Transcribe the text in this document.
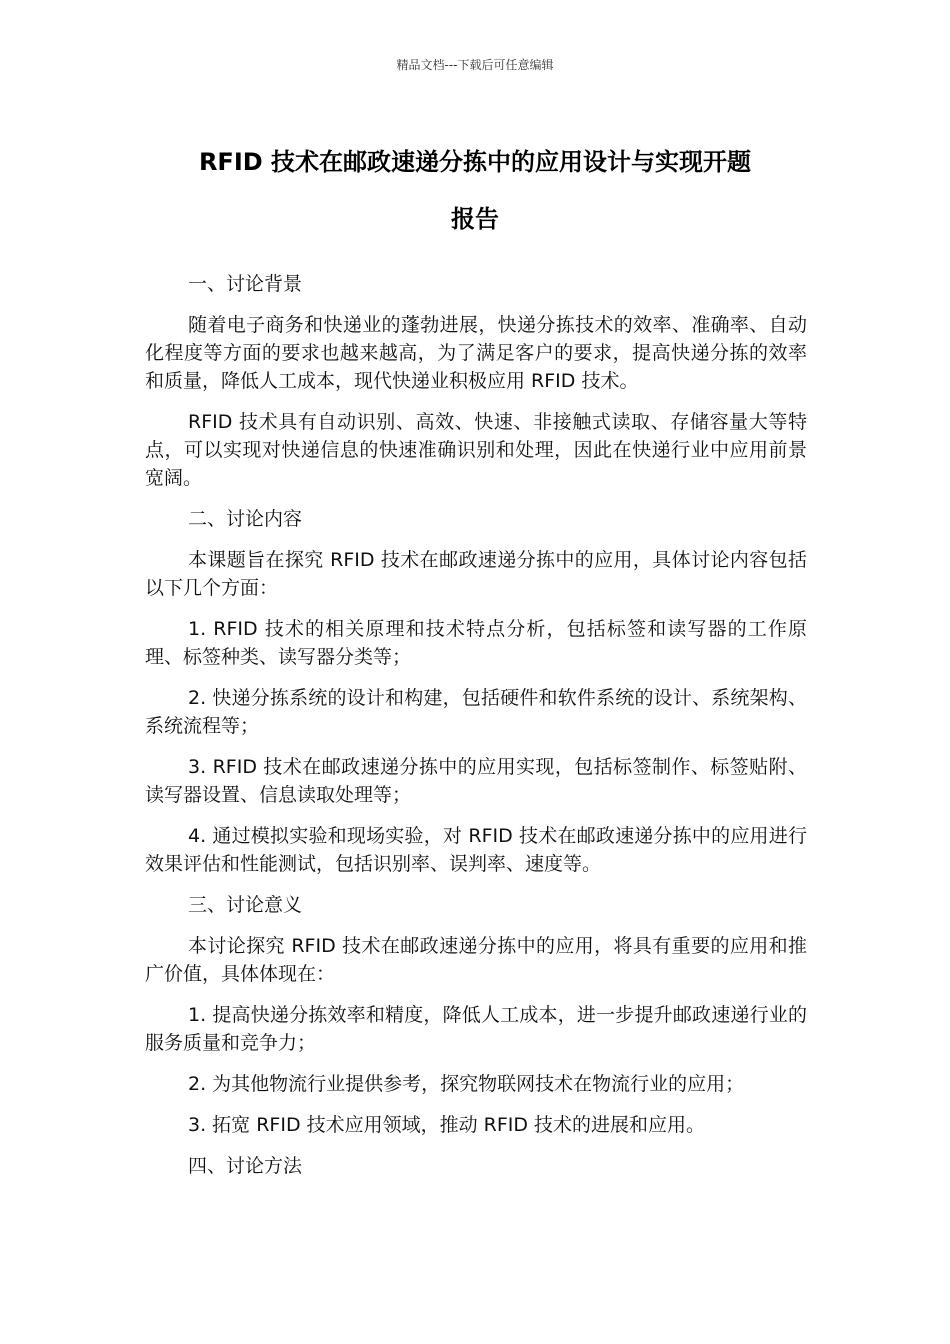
精品文档---下载后可任意编辑
RFID 技术在邮政速递分拣中的应用设计与实现开题
报告

一、讨论背景

随着电子商务和快递业的蓬勃进展，快递分拣技术的效率、准确率、自动化程度等方面的要求也越来越高，为了满足客户的要求，提高快递分拣的效率和质量，降低人工成本，现代快递业积极应用 RFID 技术。

RFID 技术具有自动识别、高效、快速、非接触式读取、存储容量大等特点，可以实现对快递信息的快速准确识别和处理，因此在快递行业中应用前景宽阔。

二、讨论内容

本课题旨在探究 RFID 技术在邮政速递分拣中的应用，具体讨论内容包括以下几个方面：

1. RFID 技术的相关原理和技术特点分析，包括标签和读写器的工作原理、标签种类、读写器分类等；

2. 快递分拣系统的设计和构建，包括硬件和软件系统的设计、系统架构、系统流程等；

3. RFID 技术在邮政速递分拣中的应用实现，包括标签制作、标签贴附、读写器设置、信息读取处理等；

4. 通过模拟实验和现场实验，对 RFID 技术在邮政速递分拣中的应用进行效果评估和性能测试，包括识别率、误判率、速度等。

三、讨论意义

本讨论探究 RFID 技术在邮政速递分拣中的应用，将具有重要的应用和推广价值，具体体现在：

1. 提高快递分拣效率和精度，降低人工成本，进一步提升邮政速递行业的服务质量和竞争力；

2. 为其他物流行业提供参考，探究物联网技术在物流行业的应用；

3. 拓宽 RFID 技术应用领域，推动 RFID 技术的进展和应用。

四、讨论方法
